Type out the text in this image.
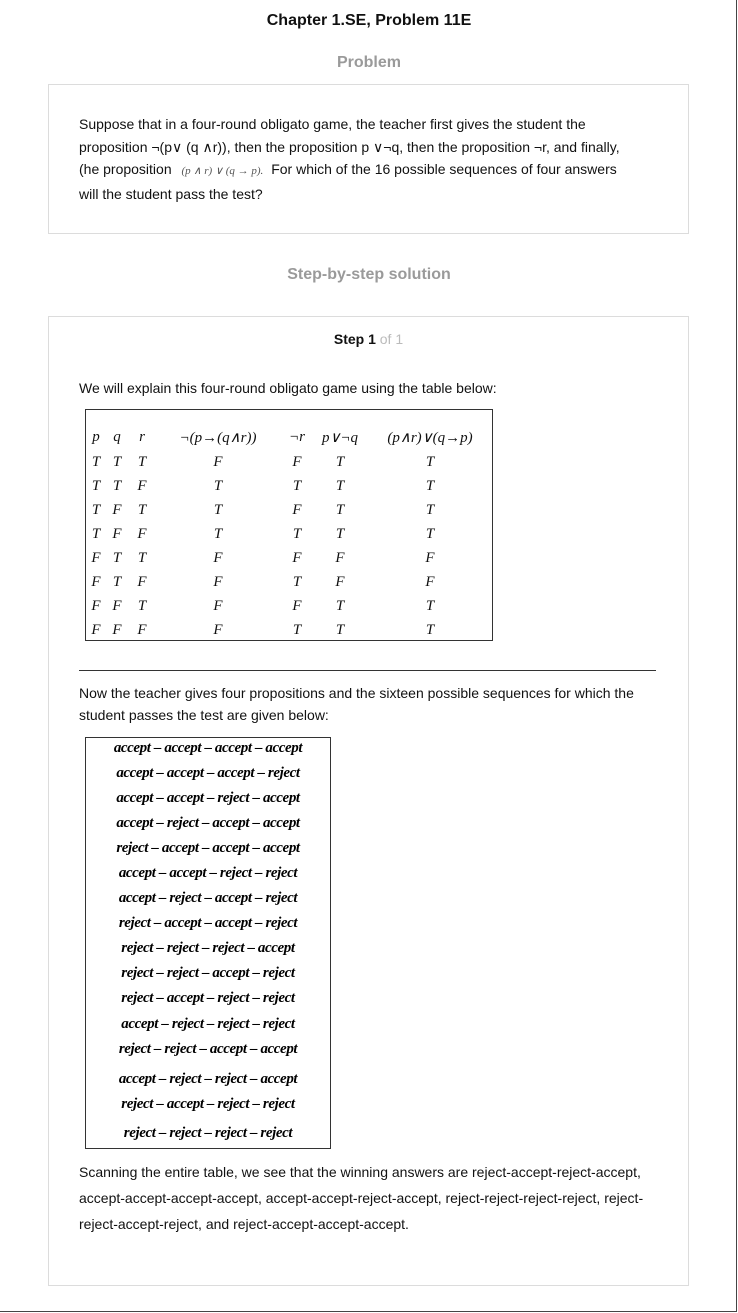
Chapter 1.SE, Problem 11E
Problem
Suppose that in a four-round obligato game, the teacher first gives the student the
proposition ¬(p∨ (q ∧r)), then the proposition p ∨¬q, then the proposition ¬r, and finally,
(he proposition (p ∧ r) ∨ (q → p). For which of the 16 possible sequences of four answers
will the student pass the test?
Step-by-step solution
Step 1 of 1
We will explain this four-round obligato game using the table below:
p	q	r	¬(p→(q∧r))	¬r	p∨¬q	(p∧r)∨(q→p)
T	T	T	F	F	T	T
T	T	F	T	T	T	T
T	F	T	T	F	T	T
T	F	F	T	T	T	T
F	T	T	F	F	F	F
F	T	F	F	T	F	F
F	F	T	F	F	T	T
F	F	F	F	T	T	T
Now the teacher gives four propositions and the sixteen possible sequences for which the student passes the test are given below:
accept – accept – accept – accept
accept – accept – accept – reject
accept – accept – reject – accept
accept – reject – accept – accept
reject – accept – accept – accept
accept – accept – reject – reject
accept – reject – accept – reject
reject – accept – accept – reject
reject – reject – reject – accept
reject – reject – accept – reject
reject – accept – reject – reject
accept – reject – reject – reject
reject – reject – accept – accept
accept – reject – reject – accept
reject – accept – reject – reject
reject – reject – reject – reject
Scanning the entire table, we see that the winning answers are reject-accept-reject-accept, accept-accept-accept-accept, accept-accept-reject-accept, reject-reject-reject-reject, reject-reject-accept-reject, and reject-accept-accept-accept.
